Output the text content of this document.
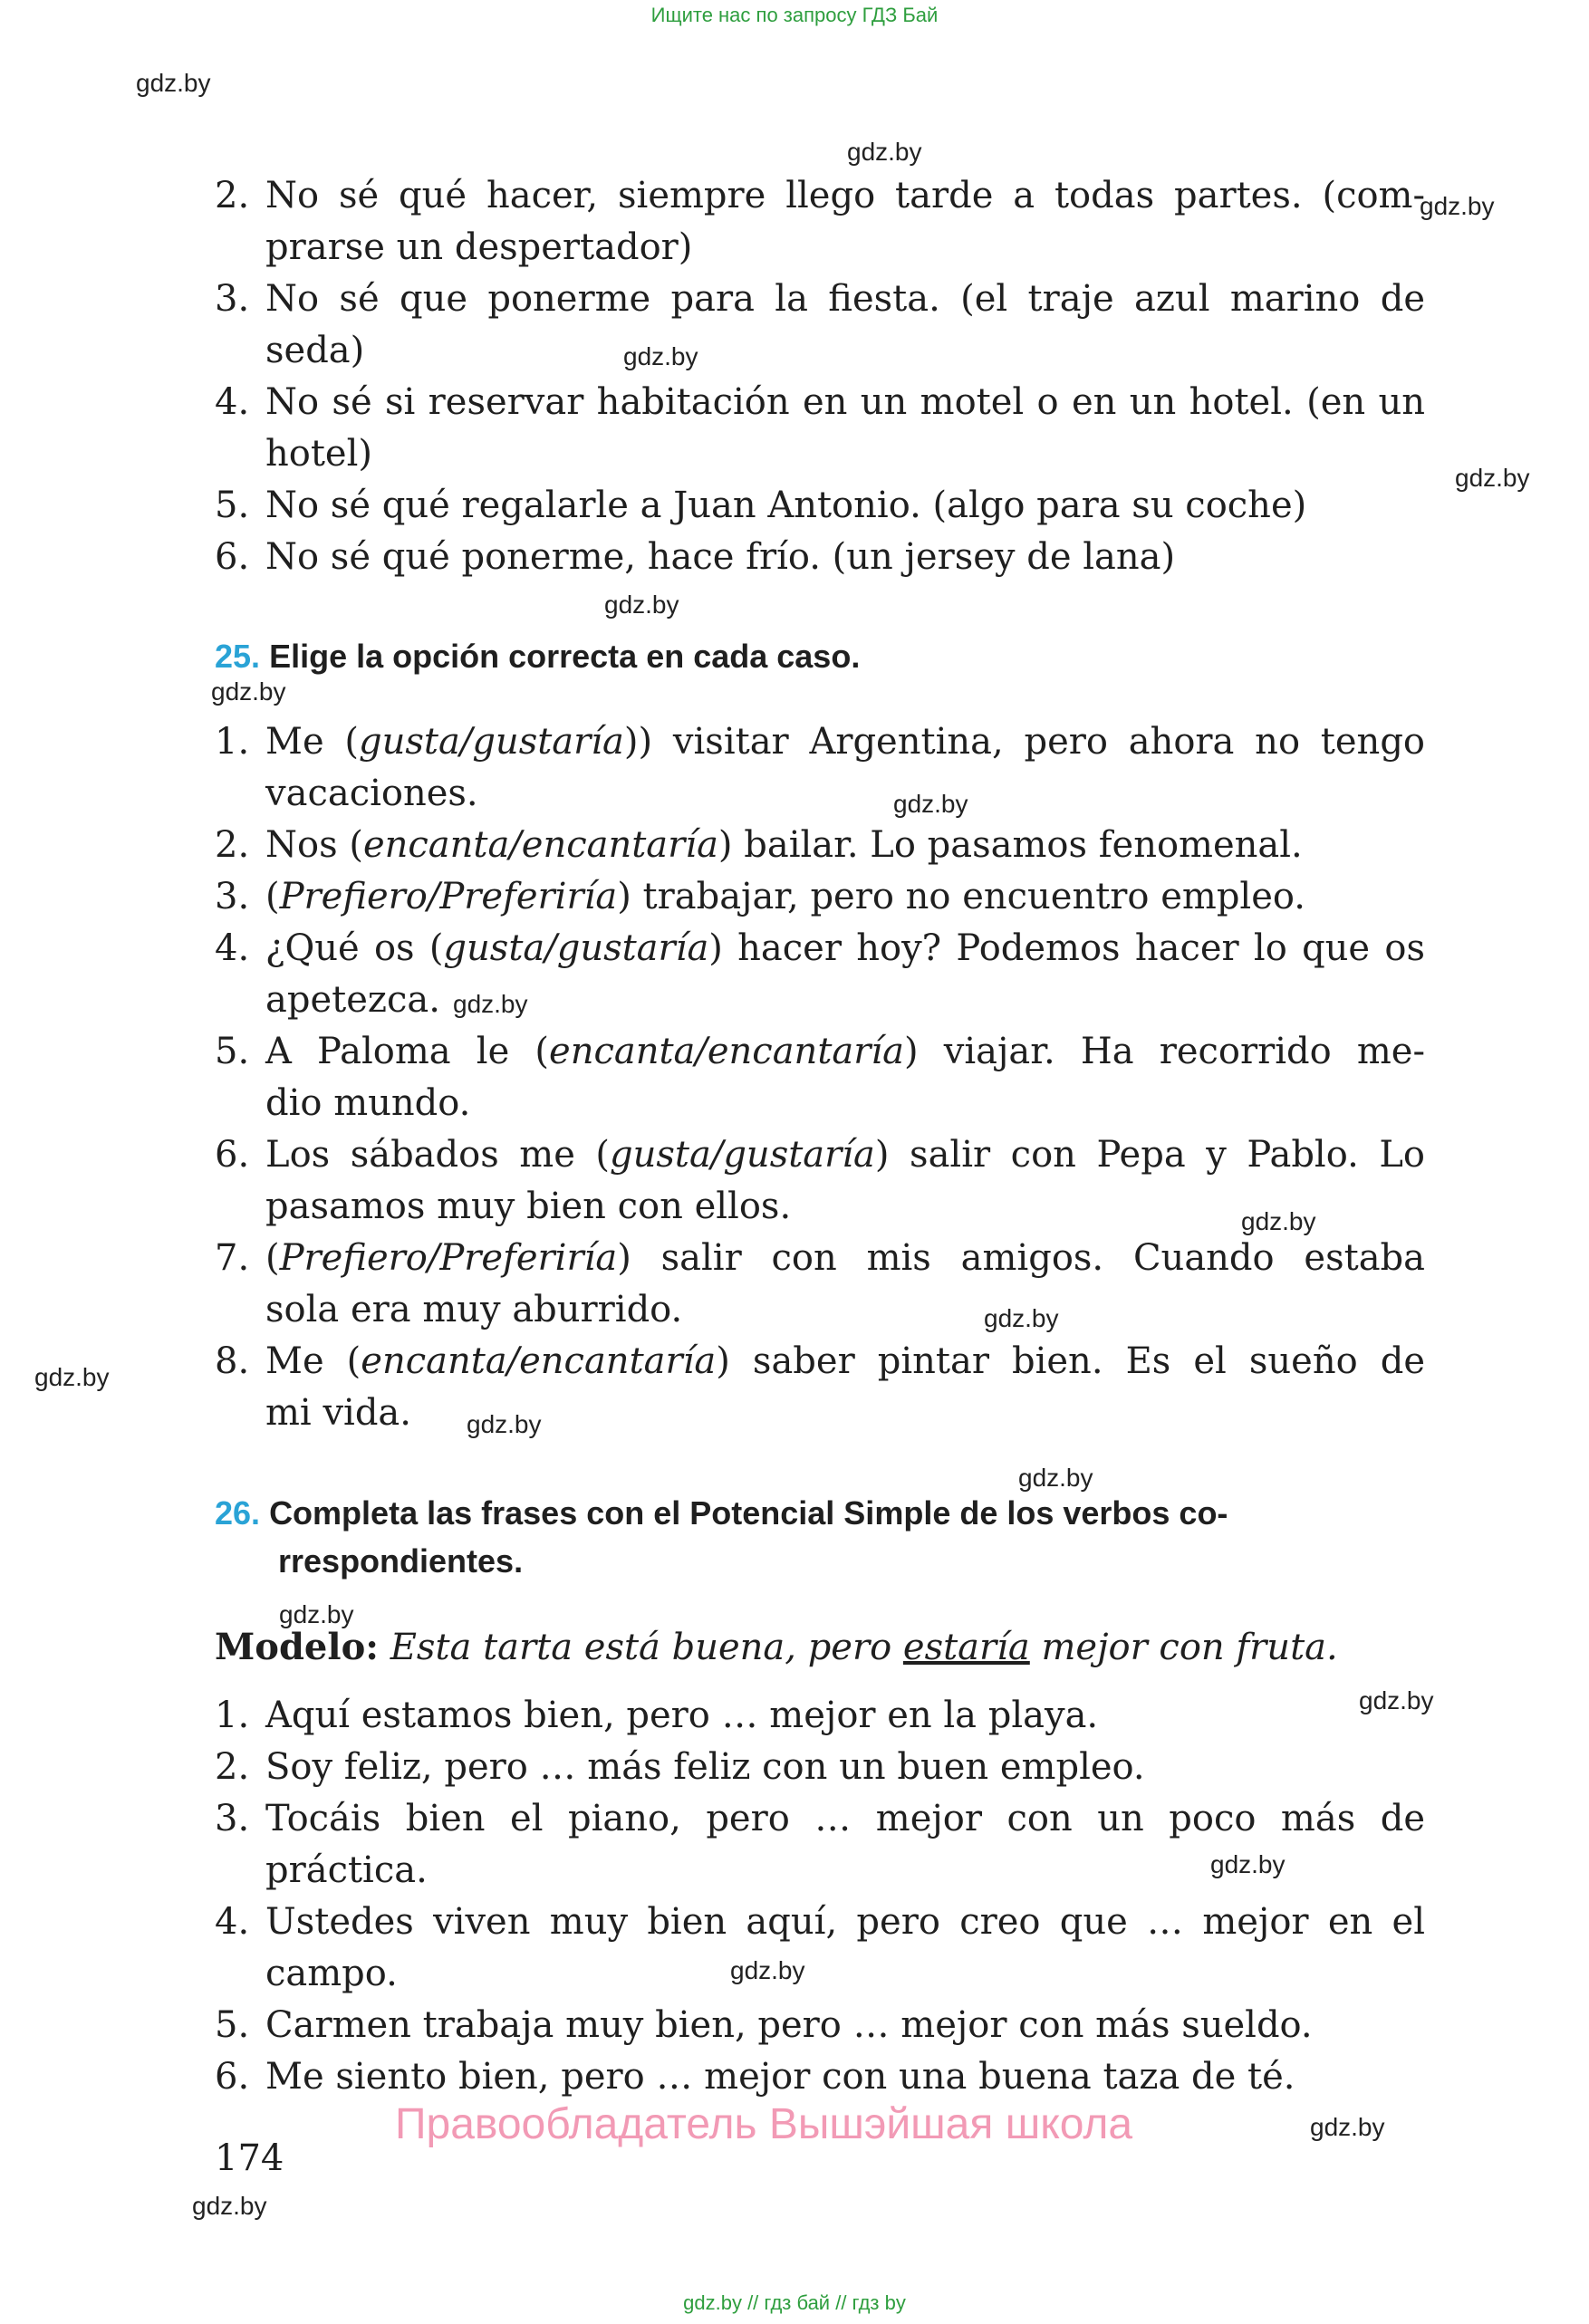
Ищите нас по запросу ГДЗ Бай
gdz.by
gdz.by
gdz.by
gdz.by
gdz.by
gdz.by
gdz.by
gdz.by
gdz.by
gdz.by
gdz.by
gdz.by
gdz.by
gdz.by
gdz.by
gdz.by
gdz.by
gdz.by
gdz.by
gdz.by
2. No sé qué hacer, siempre llego tarde a todas partes. (com-
prarse un despertador)
3. No sé que ponerme para la fiesta. (el traje azul marino de
seda)
4. No sé si reservar habitación en un motel o en un hotel. (en un
hotel)
5. No sé qué regalarle a Juan Antonio. (algo para su coche)
6. No sé qué ponerme, hace frío. (un jersey de lana)
25. Elige la opción correcta en cada caso.
1. Me (gusta/gustaría)) visitar Argentina, pero ahora no tengo
vacaciones.
2. Nos (encanta/encantaría) bailar. Lo pasamos fenomenal.
3. (Prefiero/Preferiría) trabajar, pero no encuentro empleo.
4. ¿Qué os (gusta/gustaría) hacer hoy? Podemos hacer lo que os
apetezca.
5. A Paloma le (encanta/encantaría) viajar. Ha recorrido me-
dio mundo.
6. Los sábados me (gusta/gustaría) salir con Pepa y Pablo. Lo
pasamos muy bien con ellos.
7. (Prefiero/Preferiría) salir con mis amigos. Cuando estaba
sola era muy aburrido.
8. Me (encanta/encantaría) saber pintar bien. Es el sueño de
mi vida.
26. Completa las frases con el Potencial Simple de los verbos co-
rrespondientes.
Modelo: Esta tarta está buena, pero estaría mejor con fruta.
1. Aquí estamos bien, pero … mejor en la playa.
2. Soy feliz, pero … más feliz con un buen empleo.
3. Tocáis bien el piano, pero … mejor con un poco más de
práctica.
4. Ustedes viven muy bien aquí, pero creo que … mejor en el
campo.
5. Carmen trabaja muy bien, pero … mejor con más sueldo.
6. Me siento bien, pero … mejor con una buena taza de té.
Правообладатель Вышэйшая школа
174
gdz.by // гдз бай // гдз by
